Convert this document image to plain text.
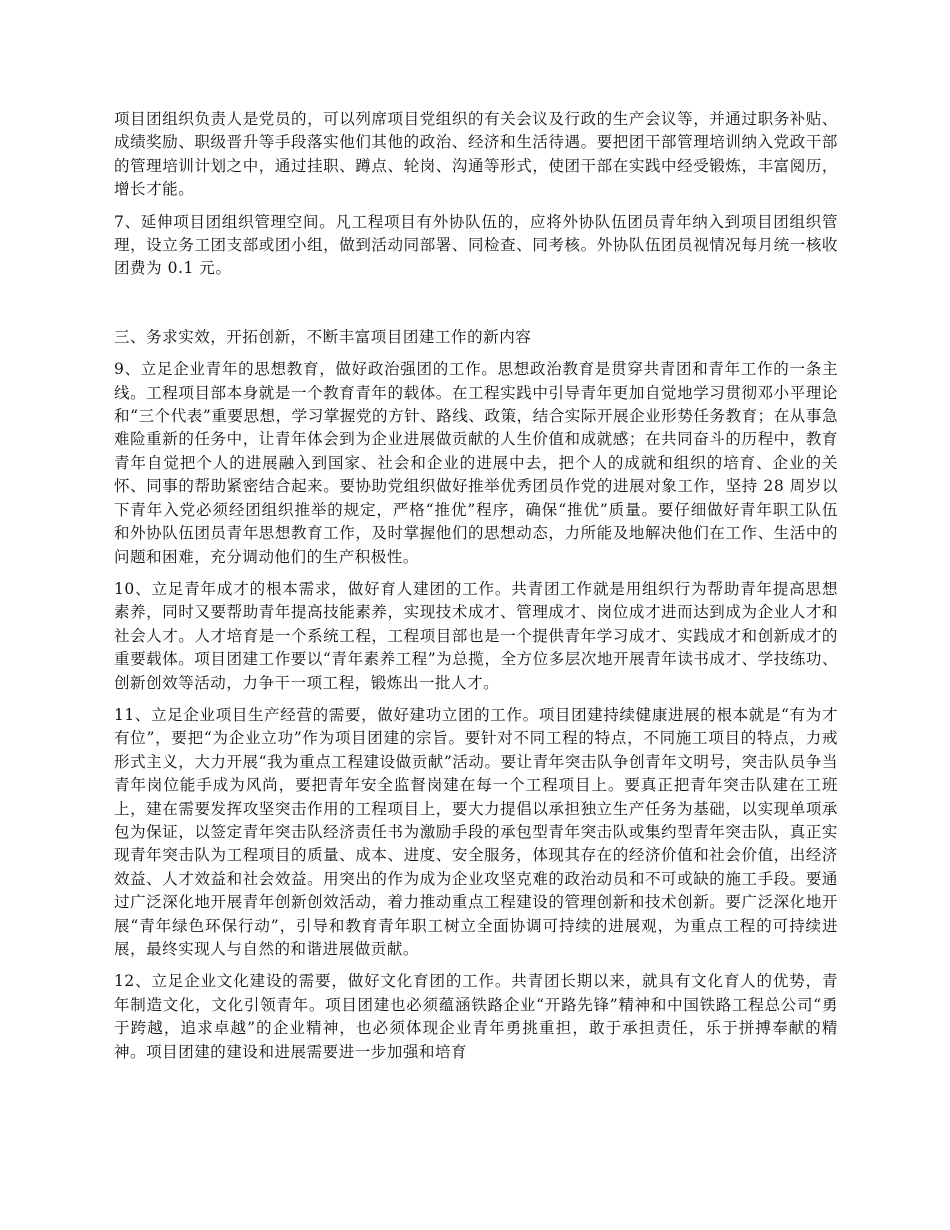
项目团组织负责人是党员的，可以列席项目党组织的有关会议及行政的生产会议等，并通过职务补贴、成绩奖励、职级晋升等手段落实他们其他的政治、经济和生活待遇。要把团干部管理培训纳入党政干部的管理培训计划之中，通过挂职、蹲点、轮岗、沟通等形式，使团干部在实践中经受锻炼，丰富阅历，增长才能。

7、延伸项目团组织管理空间。凡工程项目有外协队伍的，应将外协队伍团员青年纳入到项目团组织管理，设立务工团支部或团小组，做到活动同部署、同检查、同考核。外协队伍团员视情况每月统一核收团费为 0.1 元。

三、务求实效，开拓创新，不断丰富项目团建工作的新内容

9、立足企业青年的思想教育，做好政治强团的工作。思想政治教育是贯穿共青团和青年工作的一条主线。工程项目部本身就是一个教育青年的载体。在工程实践中引导青年更加自觉地学习贯彻邓小平理论和“三个代表”重要思想，学习掌握党的方针、路线、政策，结合实际开展企业形势任务教育；在从事急难险重新的任务中，让青年体会到为企业进展做贡献的人生价值和成就感；在共同奋斗的历程中，教育青年自觉把个人的进展融入到国家、社会和企业的进展中去，把个人的成就和组织的培育、企业的关怀、同事的帮助紧密结合起来。要协助党组织做好推举优秀团员作党的进展对象工作，坚持 28 周岁以下青年入党必须经团组织推举的规定，严格“推优”程序，确保“推优”质量。要仔细做好青年职工队伍和外协队伍团员青年思想教育工作，及时掌握他们的思想动态，力所能及地解决他们在工作、生活中的问题和困难，充分调动他们的生产积极性。

10、立足青年成才的根本需求，做好育人建团的工作。共青团工作就是用组织行为帮助青年提高思想素养，同时又要帮助青年提高技能素养，实现技术成才、管理成才、岗位成才进而达到成为企业人才和社会人才。人才培育是一个系统工程，工程项目部也是一个提供青年学习成才、实践成才和创新成才的重要载体。项目团建工作要以“青年素养工程”为总揽，全方位多层次地开展青年读书成才、学技练功、创新创效等活动，力争干一项工程，锻炼出一批人才。

11、立足企业项目生产经营的需要，做好建功立团的工作。项目团建持续健康进展的根本就是“有为才有位”，要把“为企业立功”作为项目团建的宗旨。要针对不同工程的特点，不同施工项目的特点，力戒形式主义，大力开展“我为重点工程建设做贡献”活动。要让青年突击队争创青年文明号，突击队员争当青年岗位能手成为风尚，要把青年安全监督岗建在每一个工程项目上。要真正把青年突击队建在工班上，建在需要发挥攻坚突击作用的工程项目上，要大力提倡以承担独立生产任务为基础，以实现单项承包为保证，以签定青年突击队经济责任书为激励手段的承包型青年突击队或集约型青年突击队，真正实现青年突击队为工程项目的质量、成本、进度、安全服务，体现其存在的经济价值和社会价值，出经济效益、人才效益和社会效益。用突出的作为成为企业攻坚克难的政治动员和不可或缺的施工手段。要通过广泛深化地开展青年创新创效活动，着力推动重点工程建设的管理创新和技术创新。要广泛深化地开展“青年绿色环保行动”，引导和教育青年职工树立全面协调可持续的进展观，为重点工程的可持续进展，最终实现人与自然的和谐进展做贡献。

12、立足企业文化建设的需要，做好文化育团的工作。共青团长期以来，就具有文化育人的优势，青年制造文化，文化引领青年。项目团建也必须蕴涵铁路企业“开路先锋”精神和中国铁路工程总公司“勇于跨越，追求卓越”的企业精神，也必须体现企业青年勇挑重担，敢于承担责任，乐于拼搏奉献的精神。项目团建的建设和进展需要进一步加强和培育
